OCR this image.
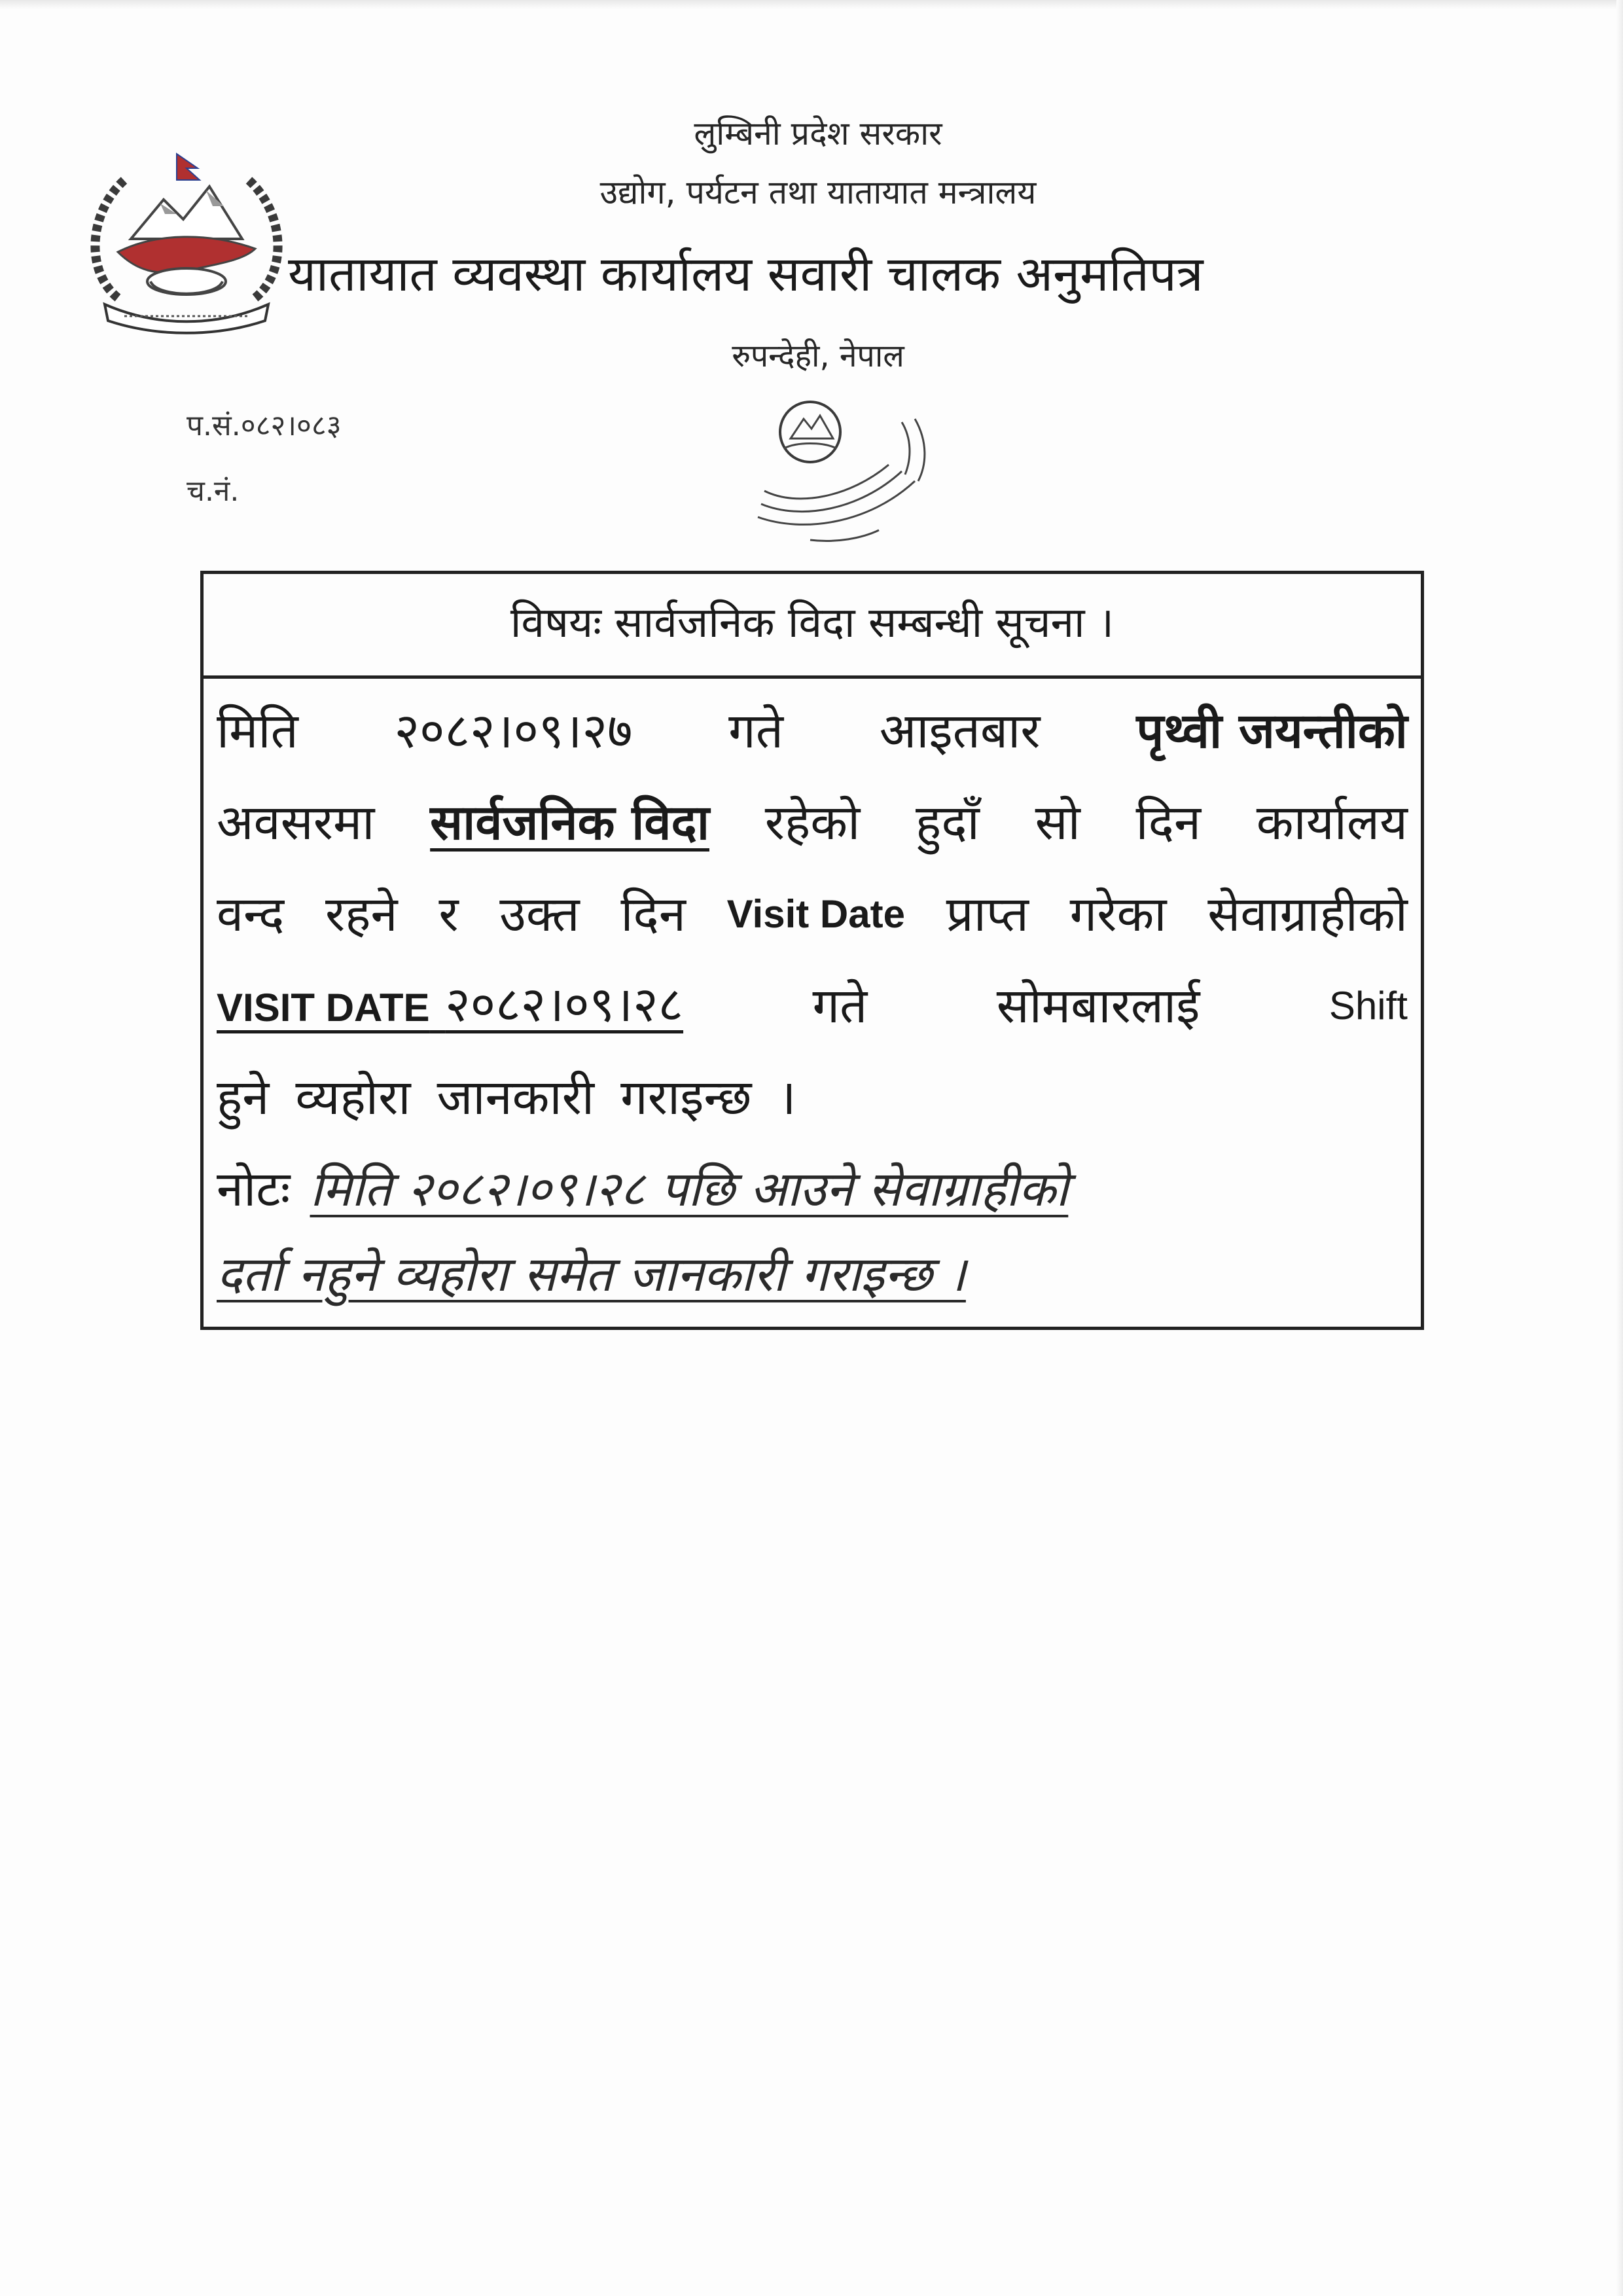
लुम्बिनी प्रदेश सरकार
उद्योग, पर्यटन तथा यातायात मन्त्रालय
यातायात व्यवस्था कार्यालय सवारी चालक अनुमतिपत्र
रुपन्देही, नेपाल
प.सं.०८२।०८३
च.नं.
विषयः सार्वजनिक विदा सम्बन्धी सूचना ।
मिति २०८२।०९।२७ गते आइतबार पृथ्वी जयन्तीको
अवसरमा सार्वजनिक विदा रहेको हुदाँ सो दिन कार्यालय
वन्द रहने र उक्त दिन Visit Date प्राप्त गरेका सेवाग्राहीको
VISIT DATE २०८२।०९।२८	गते	सोमबारलाई	Shift
हुने व्यहोरा जानकारी गराइन्छ ।
नोटः मिति २०८२।०९।२८ पछि आउने सेवाग्राहीको
दर्ता नहुने व्यहोरा समेत जानकारी गराइन्छ ।
